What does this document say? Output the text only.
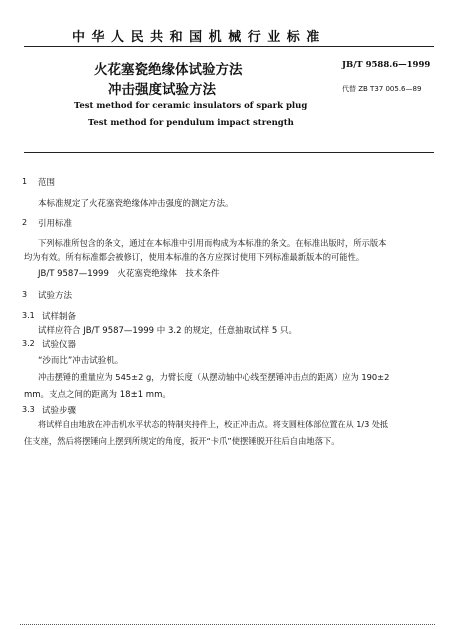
中 华 人 民 共 和 国 机 械 行 业 标 准
火花塞瓷绝缘体试验方法
冲击强度试验方法
JB/T 9588.6—1999
代替 ZB T37 005.6—89
Test method for ceramic insulators of spark plug
Test method for pendulum impact strength
1 范围
本标准规定了火花塞瓷绝缘体冲击强度的测定方法。
2 引用标准
下列标准所包含的条文，通过在本标准中引用而构成为本标准的条文。在标准出版时，所示版本
均为有效。所有标准都会被修订，使用本标准的各方应探讨使用下列标准最新版本的可能性。
JB/T 9587—1999　火花塞瓷绝缘体　技术条件
3 试验方法
3.1 试样制备
试样应符合 JB/T 9587—1999 中 3.2 的规定，任意抽取试样 5 只。
3.2 试验仪器
“沙而比”冲击试验机。
冲击摆锤的重量应为 545±2 g，力臂长度（从摆动轴中心线至摆锤冲击点的距离）应为 190±2
mm。支点之间的距离为 18±1 mm。
3.3 试验步骤
将试样自由地放在冲击机水平状态的特制夹持件上，校正冲击点。将支圆柱体部位置在从 1/3 处抵
住支座，然后将摆锤向上摆到所规定的角度，扳开“卡爪”使摆锤脱开往后自由地落下。
